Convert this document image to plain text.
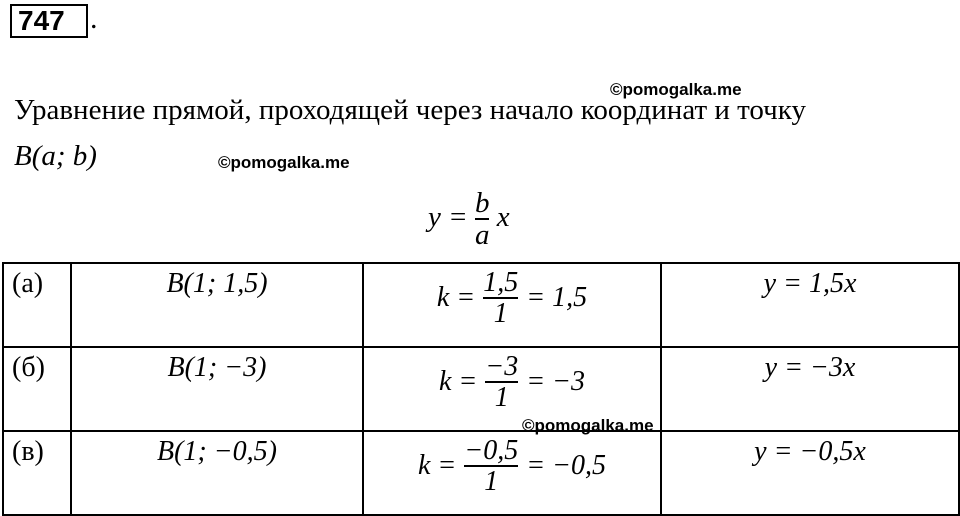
747 .
©pomogalka.me
Уравнение прямой, проходящей через начало координат и точку
B(a; b)	©pomogalka.me
$y = \frac{b}{a}$ x
(а)	B(1; 1,5)	$k = \frac{1,5}{1} = 1,5$	y = 1,5x
(б)	B(1; −3)	$k = \frac{-3}{1} = -3$	y = −3x
(в)	B(1; −0,5)	$k = \frac{-0,5}{1} = -0,5$	y = −0,5x
©pomogalka.me
